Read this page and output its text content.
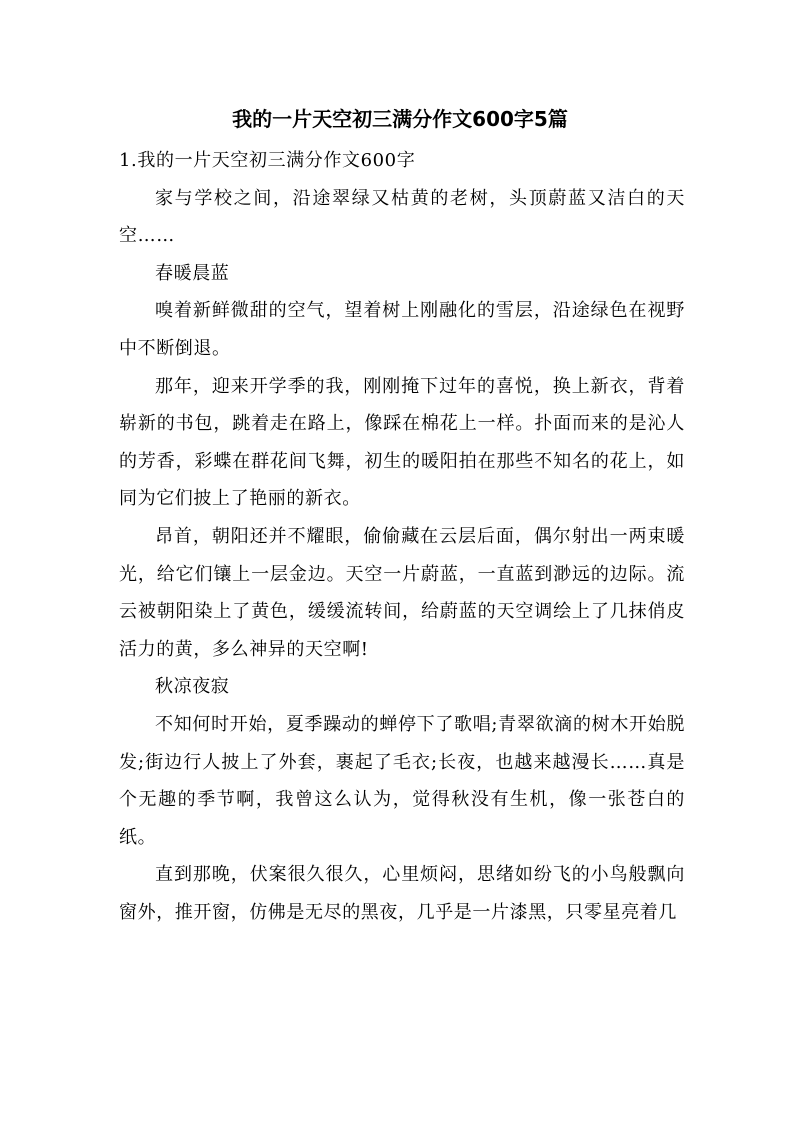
我的一片天空初三满分作文600字5篇

1.我的一片天空初三满分作文600字

家与学校之间，沿途翠绿又枯黄的老树，头顶蔚蓝又洁白的天空……

春暖晨蓝

嗅着新鲜微甜的空气，望着树上刚融化的雪层，沿途绿色在视野中不断倒退。

那年，迎来开学季的我，刚刚掩下过年的喜悦，换上新衣，背着崭新的书包，跳着走在路上，像踩在棉花上一样。扑面而来的是沁人的芳香，彩蝶在群花间飞舞，初生的暖阳拍在那些不知名的花上，如同为它们披上了艳丽的新衣。

昂首，朝阳还并不耀眼，偷偷藏在云层后面，偶尔射出一两束暖光，给它们镶上一层金边。天空一片蔚蓝，一直蓝到渺远的边际。流云被朝阳染上了黄色，缓缓流转间，给蔚蓝的天空调绘上了几抹俏皮活力的黄，多么神异的天空啊!

秋凉夜寂

不知何时开始，夏季躁动的蝉停下了歌唱;青翠欲滴的树木开始脱发;街边行人披上了外套，裹起了毛衣;长夜，也越来越漫长……真是个无趣的季节啊，我曾这么认为，觉得秋没有生机，像一张苍白的纸。

直到那晚，伏案很久很久，心里烦闷，思绪如纷飞的小鸟般飘向窗外，推开窗，仿佛是无尽的黑夜，几乎是一片漆黑，只零星亮着几
